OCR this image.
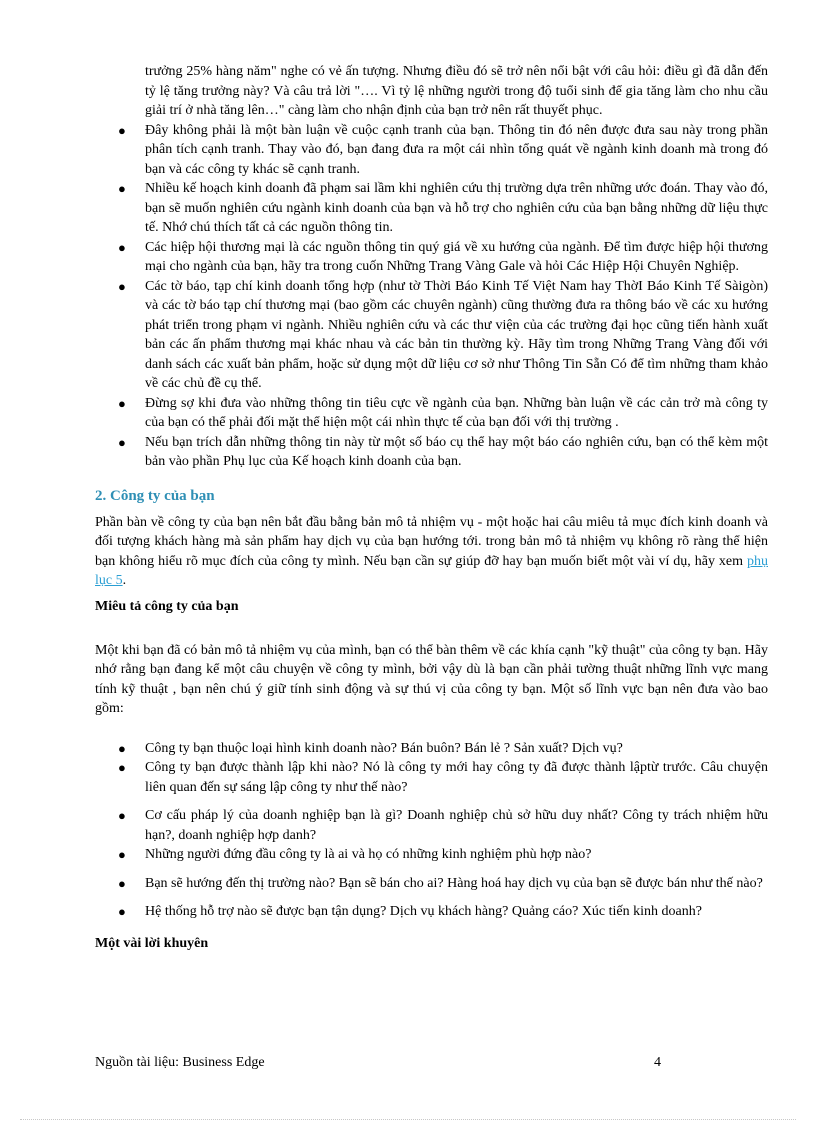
trưởng 25% hàng năm" nghe có vẻ ấn tượng. Nhưng điều đó sẽ trở nên nổi bật với câu hỏi: điều gì đã dẫn đến tỷ lệ tăng trưởng này? Và câu trả lời "…. Vì tỷ lệ những người trong độ tuổi sinh để gia tăng làm cho nhu cầu giải trí ở nhà tăng lên…" càng làm cho nhận định của bạn trở nên rất thuyết phục.

● Đây không phải là một bàn luận về cuộc cạnh tranh của bạn. Thông tin đó nên được đưa sau này trong phần phân tích cạnh tranh. Thay vào đó, bạn đang đưa ra một cái nhìn tổng quát về ngành kinh doanh mà trong đó bạn và các công ty khác sẽ cạnh tranh.
● Nhiều kế hoạch kinh doanh đã phạm sai lầm khi nghiên cứu thị trường dựa trên những ước đoán. Thay vào đó, bạn sẽ muốn nghiên cứu ngành kinh doanh của bạn và hỗ trợ cho nghiên cứu của bạn bằng những dữ liệu thực tế. Nhớ chú thích tất cả các nguồn thông tin.
● Các hiệp hội thương mại là các nguồn thông tin quý giá về xu hướng của ngành. Để tìm được hiệp hội thương mại cho ngành của bạn, hãy tra trong cuốn Những Trang Vàng Gale và hỏi Các Hiệp Hội Chuyên Nghiệp.
● Các tờ báo, tạp chí kinh doanh tổng hợp (như tờ Thời Báo Kinh Tế Việt Nam hay ThờI Báo Kinh Tế Sàigòn) và các tờ báo tạp chí thương mại (bao gồm các chuyên ngành) cũng thường đưa ra thông báo về các xu hướng phát triển trong phạm vi ngành. Nhiều nghiên cứu và các thư viện của các trường đại học cũng tiến hành xuất bản các ấn phẩm thương mại khác nhau và các bản tin thường kỳ. Hãy tìm trong Những Trang Vàng đối với danh sách các xuất bản phẩm, hoặc sử dụng một dữ liệu cơ sở như Thông Tin Sẵn Có để tìm những tham khảo về các chủ đề cụ thể.
● Đừng sợ khi đưa vào những thông tin tiêu cực về ngành của bạn. Những bàn luận về các cản trở mà công ty của bạn có thể phải đối mặt thể hiện một cái nhìn thực tế của bạn đối với thị trường .
● Nếu bạn trích dẫn những thông tin này từ một số báo cụ thể hay một báo cáo nghiên cứu, bạn có thể kèm một bản vào phần Phụ lục của Kế hoạch kinh doanh của bạn.
2. Công ty của bạn

Phần bàn về công ty của bạn nên bắt đầu bằng bản mô tả nhiệm vụ - một hoặc hai câu miêu tả mục đích kinh doanh và đối tượng khách hàng mà sản phẩm hay dịch vụ của bạn hướng tới. trong bản mô tả nhiệm vụ không rõ ràng thể hiện bạn không hiểu rõ mục đích của công ty mình. Nếu bạn cần sự giúp đỡ hay bạn muốn biết một vài ví dụ, hãy xem phụ lục 5.

Miêu tả công ty của bạn

Một khi bạn đã có bản mô tả nhiệm vụ của mình, bạn có thể bàn thêm về các khía cạnh "kỹ thuật" của công ty bạn. Hãy nhớ rằng bạn đang kể một câu chuyện về công ty mình, bởi vậy dù là bạn cần phải tường thuật những lĩnh vực mang tính kỹ thuật , bạn nên chú ý giữ tính sinh động và sự thú vị của công ty bạn. Một số lĩnh vực bạn nên đưa vào bao gồm:

● Công ty bạn thuộc loại hình kinh doanh nào? Bán buôn? Bán lẻ ? Sản xuất? Dịch vụ?
● Công ty bạn được thành lập khi nào? Nó là công ty mới hay công ty đã được thành lậptừ trước. Câu chuyện liên quan đến sự sáng lập công ty như thế nào?
● Cơ cấu pháp lý của doanh nghiệp bạn là gì? Doanh nghiệp chủ sở hữu duy nhất? Công ty trách nhiệm hữu hạn?, doanh nghiệp hợp danh?
● Những người đứng đầu công ty là ai và họ có những kinh nghiệm phù hợp nào?
● Bạn sẽ hướng đến thị trường nào? Bạn sẽ bán cho ai? Hàng hoá hay dịch vụ của bạn sẽ được bán như thế nào?
● Hệ thống hỗ trợ nào sẽ được bạn tận dụng? Dịch vụ khách hàng? Quảng cáo? Xúc tiến kinh doanh?
Một vài lời khuyên
Nguồn tài liệu: Business Edge	4
